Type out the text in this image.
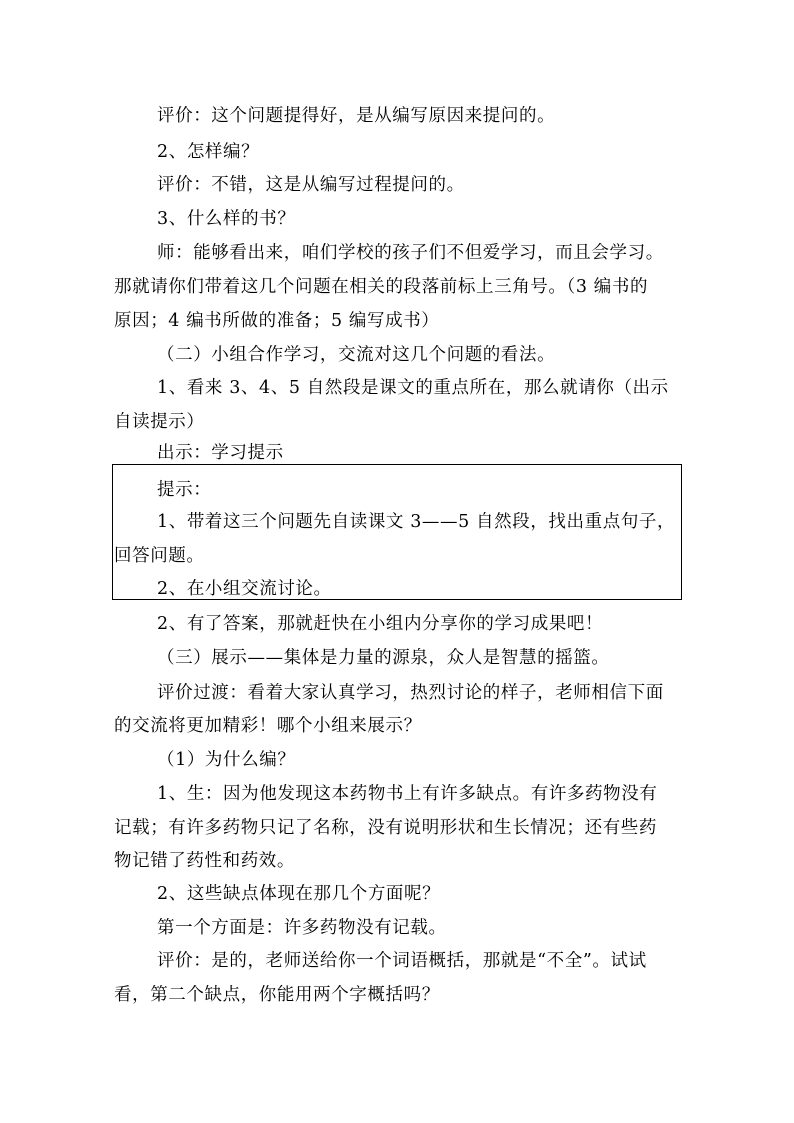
评价：这个问题提得好，是从编写原因来提问的。
2、怎样编？
评价：不错，这是从编写过程提问的。
3、什么样的书？
师：能够看出来，咱们学校的孩子们不但爱学习，而且会学习。
那就请你们带着这几个问题在相关的段落前标上三角号。（3 编书的
原因；4 编书所做的准备；5 编写成书）
（二）小组合作学习，交流对这几个问题的看法。
1、看来 3、4、5 自然段是课文的重点所在，那么就请你（出示
自读提示）
出示：学习提示
提示：
1、带着这三个问题先自读课文 3——5 自然段，找出重点句子，
回答问题。
2、在小组交流讨论。
2、有了答案，那就赶快在小组内分享你的学习成果吧！
（三）展示——集体是力量的源泉，众人是智慧的摇篮。
评价过渡：看着大家认真学习，热烈讨论的样子，老师相信下面
的交流将更加精彩！哪个小组来展示？
（1）为什么编？
1、生：因为他发现这本药物书上有许多缺点。有许多药物没有
记载；有许多药物只记了名称，没有说明形状和生长情况；还有些药
物记错了药性和药效。
2、这些缺点体现在那几个方面呢？
第一个方面是：许多药物没有记载。
评价：是的，老师送给你一个词语概括，那就是“不全”。试试
看，第二个缺点，你能用两个字概括吗？
